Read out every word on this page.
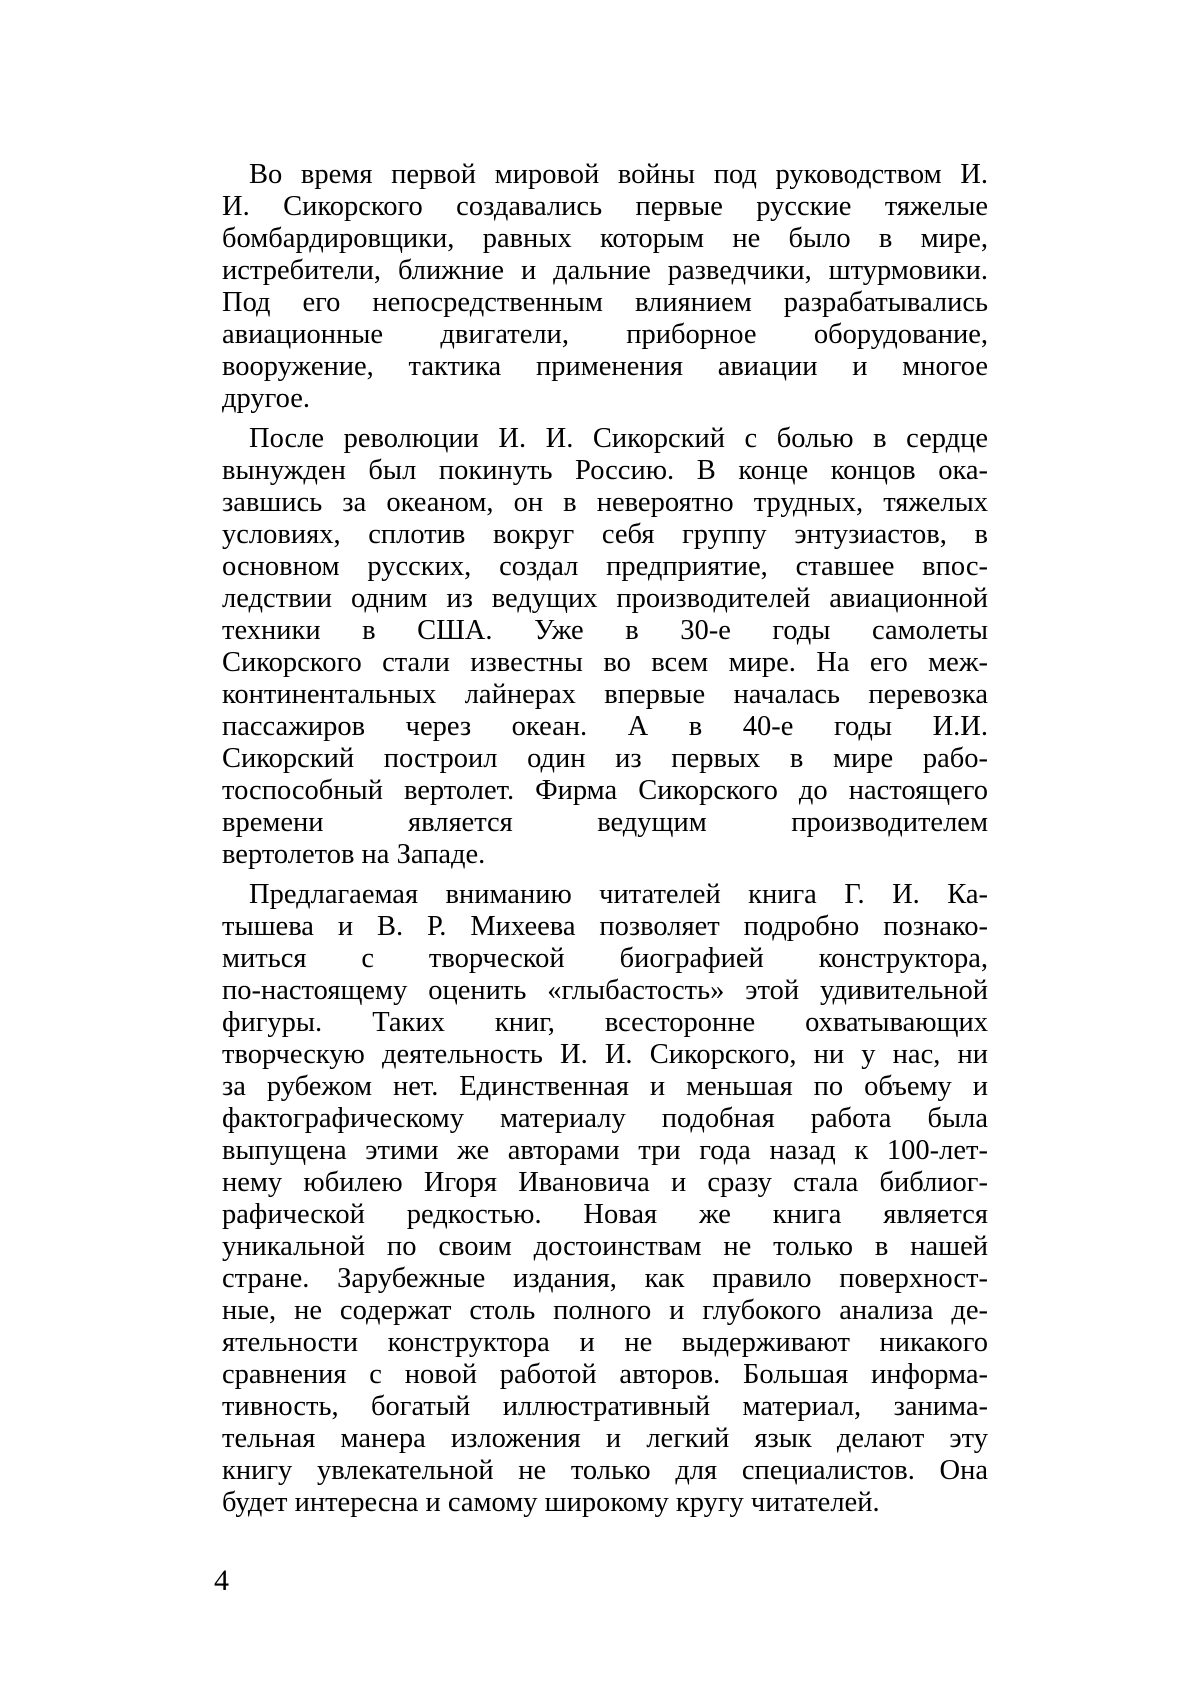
Во время первой мировой войны под руководством И.
И. Сикорского создавались первые русские тяжелые
бомбардировщики, равных которым не было в мире,
истребители, ближние и дальние разведчики, штурмовики.
Под его непосредственным влиянием разрабатывались
авиационные двигатели, приборное оборудование,
вооружение, тактика применения авиации и многое
другое.
После революции И. И. Сикорский с болью в сердце
вынужден был покинуть Россию. В конце концов ока-
завшись за океаном, он в невероятно трудных, тяжелых
условиях, сплотив вокруг себя группу энтузиастов, в
основном русских, создал предприятие, ставшее впос-
ледствии одним из ведущих производителей авиационной
техники в США. Уже в 30-е годы самолеты
Сикорского стали известны во всем мире. На его меж-
континентальных лайнерах впервые началась перевозка
пассажиров через океан. А в 40-е годы И.И.
Сикорский построил один из первых в мире рабо-
тоспособный вертолет. Фирма Сикорского до настоящего
времени является ведущим производителем
вертолетов на Западе.
Предлагаемая вниманию читателей книга Г. И. Ка-
тышева и В. Р. Михеева позволяет подробно познако-
миться с творческой биографией конструктора,
по-настоящему оценить «глыбастость» этой удивительной
фигуры. Таких книг, всесторонне охватывающих
творческую деятельность И. И. Сикорского, ни у нас, ни
за рубежом нет. Единственная и меньшая по объему и
фактографическому материалу подобная работа была
выпущена этими же авторами три года назад к 100-лет-
нему юбилею Игоря Ивановича и сразу стала библиог-
рафической редкостью. Новая же книга является
уникальной по своим достоинствам не только в нашей
стране. Зарубежные издания, как правило поверхност-
ные, не содержат столь полного и глубокого анализа де-
ятельности конструктора и не выдерживают никакого
сравнения с новой работой авторов. Большая информа-
тивность, богатый иллюстративный материал, занима-
тельная манера изложения и легкий язык делают эту
книгу увлекательной не только для специалистов. Она
будет интересна и самому широкому кругу читателей.
4
